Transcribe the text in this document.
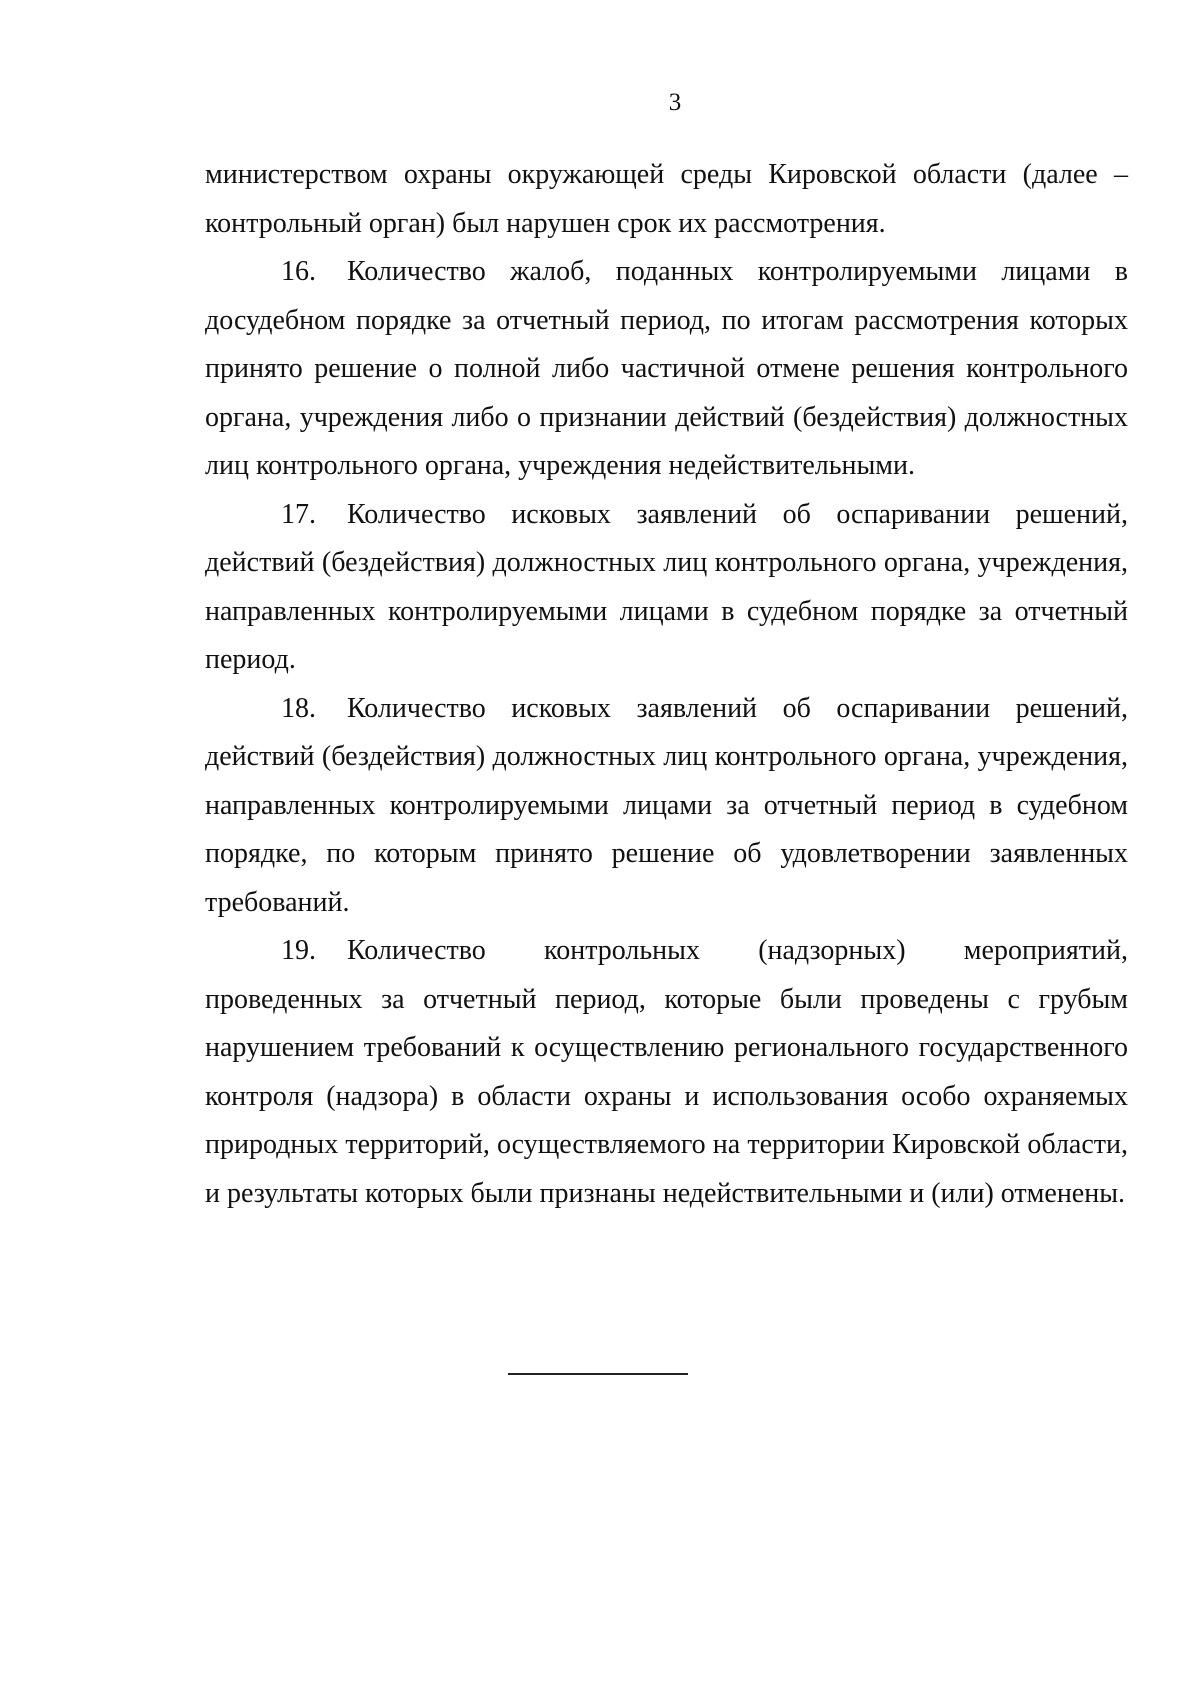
3

министерством охраны окружающей среды Кировской области (далее – контрольный орган) был нарушен срок их рассмотрения.

16. Количество жалоб, поданных контролируемыми лицами в досудебном порядке за отчетный период, по итогам рассмотрения которых принято решение о полной либо частичной отмене решения контрольного органа, учреждения либо о признании действий (бездействия) должностных лиц контрольного органа, учреждения недействительными.

17. Количество исковых заявлений об оспаривании решений, действий (бездействия) должностных лиц контрольного органа, учреждения, направленных контролируемыми лицами в судебном порядке за отчетный период.

18. Количество исковых заявлений об оспаривании решений, действий (бездействия) должностных лиц контрольного органа, учреждения, направленных контролируемыми лицами за отчетный период в судебном порядке, по которым принято решение об удовлетворении заявленных требований.

19. Количество контрольных (надзорных) мероприятий, проведенных за отчетный период, которые были проведены с грубым нарушением требований к осуществлению регионального государственного контроля (надзора) в области охраны и использования особо охраняемых природных территорий, осуществляемого на территории Кировской области, и результаты которых были признаны недействительными и (или) отменены.
